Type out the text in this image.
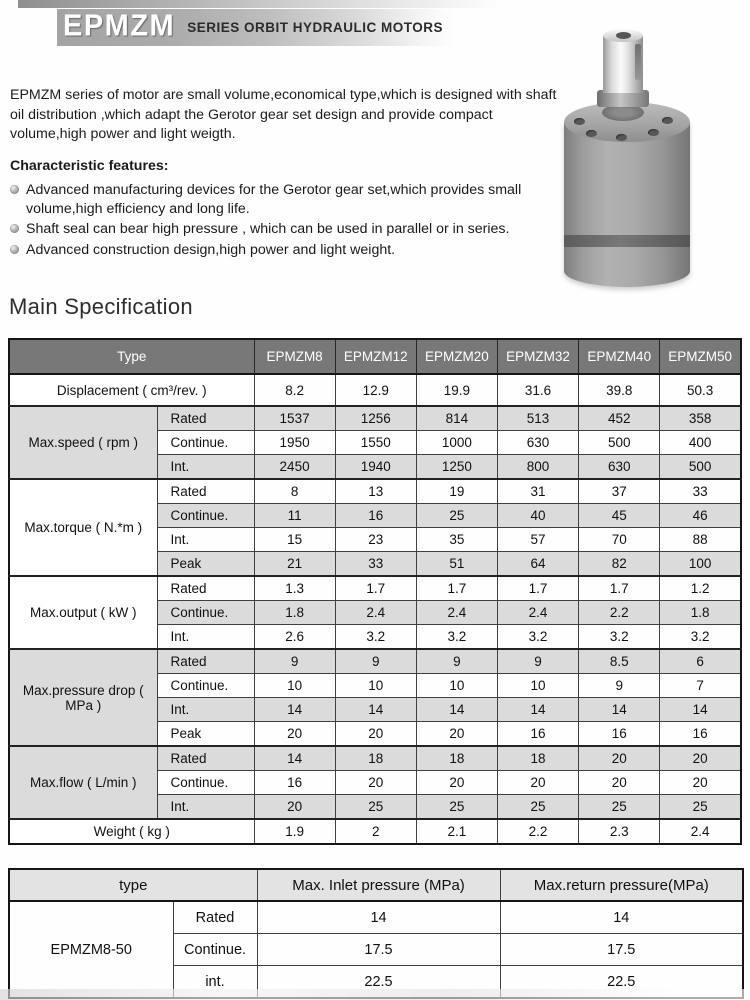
EPMZM SERIES ORBIT HYDRAULIC MOTORS

EPMZM series of motor are small volume,economical type,which is designed with shaft oil distribution ,which adapt the Gerotor gear set design and provide compact volume,high power and light weigth.

Characteristic features:
Advanced manufacturing devices for the Gerotor gear set,which provides small volume,high efficiency and long life.
Shaft seal can bear high pressure , which can be used in parallel or in series.
Advanced construction design,high power and light weight.
Main Specification
Type		EPMZM8	EPMZM12	EPMZM20	EPMZM32	EPMZM40	EPMZM50
Displacement ( cm³/rev. )		8.2	12.9	19.9	31.6	39.8	50.3
Max.speed ( rpm )	Rated	1537	1256	814	513	452	358
	Continue.	1950	1550	1000	630	500	400
	Int.	2450	1940	1250	800	630	500
Max.torque ( N.*m )	Rated	8	13	19	31	37	33
	Continue.	11	16	25	40	45	46
	Int.	15	23	35	57	70	88
	Peak	21	33	51	64	82	100
Max.output ( kW )	Rated	1.3	1.7	1.7	1.7	1.7	1.2
	Continue.	1.8	2.4	2.4	2.4	2.2	1.8
	Int.	2.6	3.2	3.2	3.2	3.2	3.2
Max.pressure drop ( MPa )	Rated	9	9	9	9	8.5	6
	Continue.	10	10	10	10	9	7
	Int.	14	14	14	14	14	14
	Peak	20	20	20	16	16	16
Max.flow ( L/min )	Rated	14	18	18	18	20	20
	Continue.	16	20	20	20	20	20
	Int.	20	25	25	25	25	25
Weight ( kg )		1.9	2	2.1	2.2	2.3	2.4
type		Max. Inlet pressure (MPa)	Max.return pressure(MPa)
EPMZM8-50	Rated	14	14
	Continue.	17.5	17.5
	int.	22.5	22.5
